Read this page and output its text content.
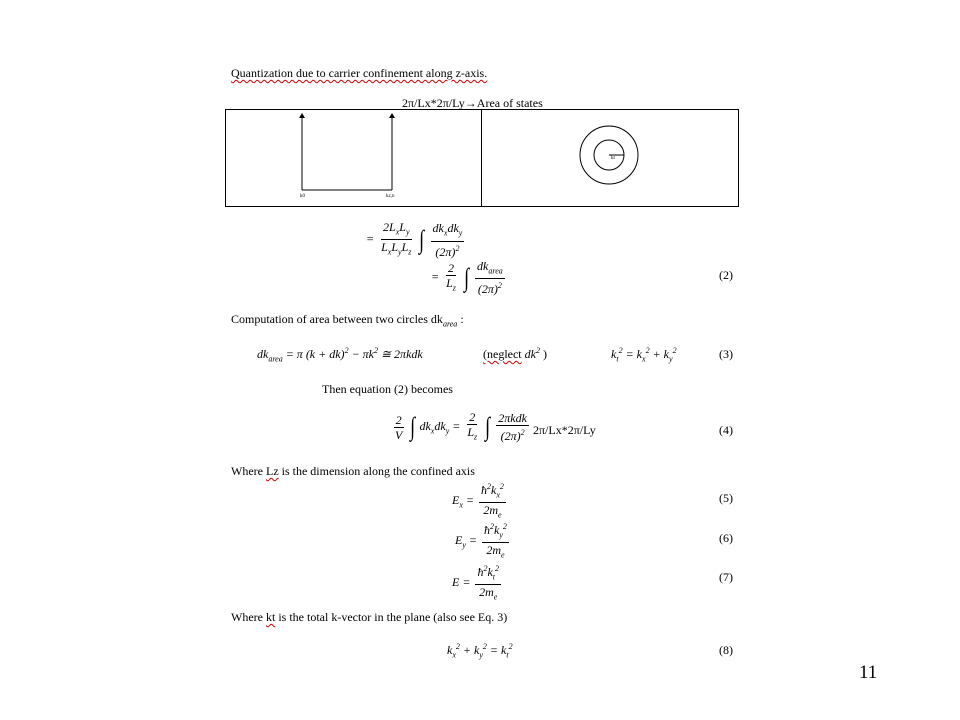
Quantization due to carrier confinement along z-axis.
2π/Lx*2π/Ly→Area of states
k0	kz,n
kt
= $\frac{2L_xL_y}{L_xL_yL_z}$ ∫ $\frac{dk_xdk_y}{(2\pi)^2}$
= $\frac{2}{L_z}$ ∫ $\frac{dk_{area}}{(2\pi)^2}$	(2)
Computation of area between two circles $dk_{area}$ :
$dk_{area} = \pi$ $(k + dk)^2 - \pi k^2$ ≅ 2πkdk	(neglect $dk^2$ )	$k_t^2 = k_x^2 + k_y^2$	(3)
Then equation (2) becomes
$\frac{2}{V}$ ∫ $dk_xdk_y = \frac{2}{L_z}$ ∫ $\frac{\text{2πkdk}}{(2\pi)^2} 2\pi/Lx*2\pi/Ly$	(4)
Where Lz is the dimension along the confined axis
$E_x = \frac{ħ^2k_x^2}{2m_e}$	(5)
$E_y = \frac{ħ^2k_y^2}{2m_e}$	(6)
$E = \frac{ħ^2k_t^2}{2m_e}$	(7)
Where kt is the total k-vector in the plane (also see Eq. 3)
$k_x^2 + k_y^2 = k_t^2$	(8)
11
